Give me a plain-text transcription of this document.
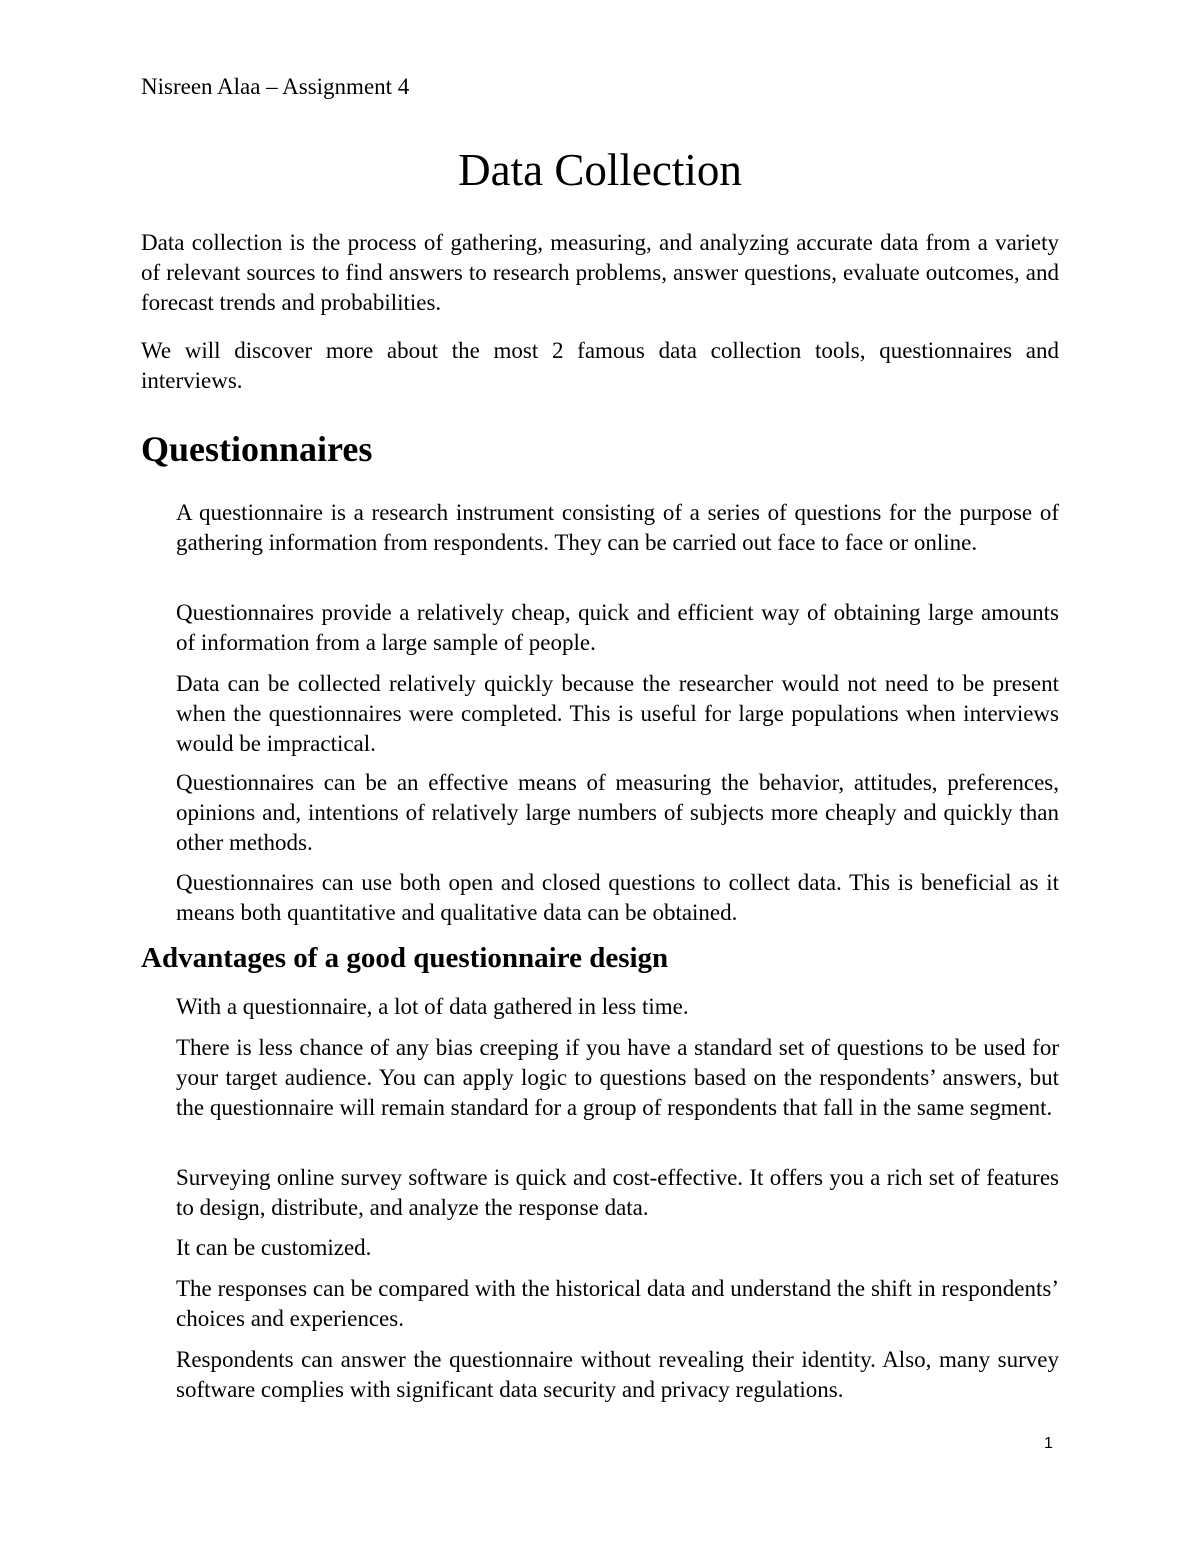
Nisreen Alaa – Assignment 4
Data Collection

Data collection is the process of gathering, measuring, and analyzing accurate data from a variety of relevant sources to find answers to research problems, answer questions, evaluate outcomes, and forecast trends and probabilities.

We will discover more about the most 2 famous data collection tools, questionnaires and interviews.

Questionnaires

A questionnaire is a research instrument consisting of a series of questions for the purpose of gathering information from respondents. They can be carried out face to face or online.

Questionnaires provide a relatively cheap, quick and efficient way of obtaining large amounts of information from a large sample of people.

Data can be collected relatively quickly because the researcher would not need to be present when the questionnaires were completed. This is useful for large populations when interviews would be impractical.

Questionnaires can be an effective means of measuring the behavior, attitudes, preferences, opinions and, intentions of relatively large numbers of subjects more cheaply and quickly than other methods.

Questionnaires can use both open and closed questions to collect data. This is beneficial as it means both quantitative and qualitative data can be obtained.

Advantages of a good questionnaire design

With a questionnaire, a lot of data gathered in less time.

There is less chance of any bias creeping if you have a standard set of questions to be used for your target audience. You can apply logic to questions based on the respondents’ answers, but the questionnaire will remain standard for a group of respondents that fall in the same segment.

Surveying online survey software is quick and cost-effective. It offers you a rich set of features to design, distribute, and analyze the response data.

It can be customized.

The responses can be compared with the historical data and understand the shift in respondents’ choices and experiences.

Respondents can answer the questionnaire without revealing their identity. Also, many survey software complies with significant data security and privacy regulations.

1
